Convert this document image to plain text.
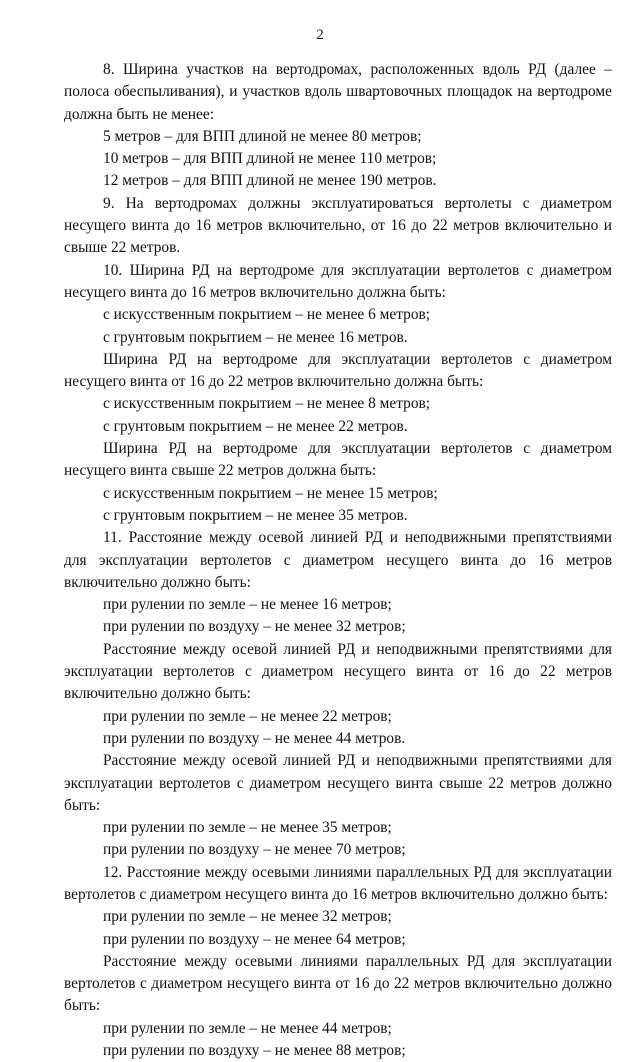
2

8. Ширина участков на вертодромах, расположенных вдоль РД (далее – полоса обеспыливания), и участков вдоль швартовочных площадок на вертодроме должна быть не менее:

5 метров – для ВПП длиной не менее 80 метров;

10 метров – для ВПП длиной не менее 110 метров;

12 метров – для ВПП длиной не менее 190 метров.

9. На вертодромах должны эксплуатироваться вертолеты с диаметром несущего винта до 16 метров включительно, от 16 до 22 метров включительно и свыше 22 метров.

10. Ширина РД на вертодроме для эксплуатации вертолетов с диаметром несущего винта до 16 метров включительно должна быть:

с искусственным покрытием – не менее 6 метров;

с грунтовым покрытием – не менее 16 метров.

Ширина РД на вертодроме для эксплуатации вертолетов с диаметром несущего винта от 16 до 22 метров включительно должна быть:

с искусственным покрытием – не менее 8 метров;

с грунтовым покрытием – не менее 22 метров.

Ширина РД на вертодроме для эксплуатации вертолетов с диаметром несущего винта свыше 22 метров должна быть:

с искусственным покрытием – не менее 15 метров;

с грунтовым покрытием – не менее 35 метров.

11. Расстояние между осевой линией РД и неподвижными препятствиями для эксплуатации вертолетов с диаметром несущего винта до 16 метров включительно должно быть:

при рулении по земле – не менее 16 метров;

при рулении по воздуху – не менее 32 метров;

Расстояние между осевой линией РД и неподвижными препятствиями для эксплуатации вертолетов с диаметром несущего винта от 16 до 22 метров включительно должно быть:

при рулении по земле – не менее 22 метров;

при рулении по воздуху – не менее 44 метров.

Расстояние между осевой линией РД и неподвижными препятствиями для эксплуатации вертолетов с диаметром несущего винта свыше 22 метров должно быть:

при рулении по земле – не менее 35 метров;

при рулении по воздуху – не менее 70 метров;

12. Расстояние между осевыми линиями параллельных РД для эксплуатации вертолетов с диаметром несущего винта до 16 метров включительно должно быть:

при рулении по земле – не менее 32 метров;

при рулении по воздуху – не менее 64 метров;

Расстояние между осевыми линиями параллельных РД для эксплуатации вертолетов с диаметром несущего винта от 16 до 22 метров включительно должно быть:

при рулении по земле – не менее 44 метров;

при рулении по воздуху – не менее 88 метров;
